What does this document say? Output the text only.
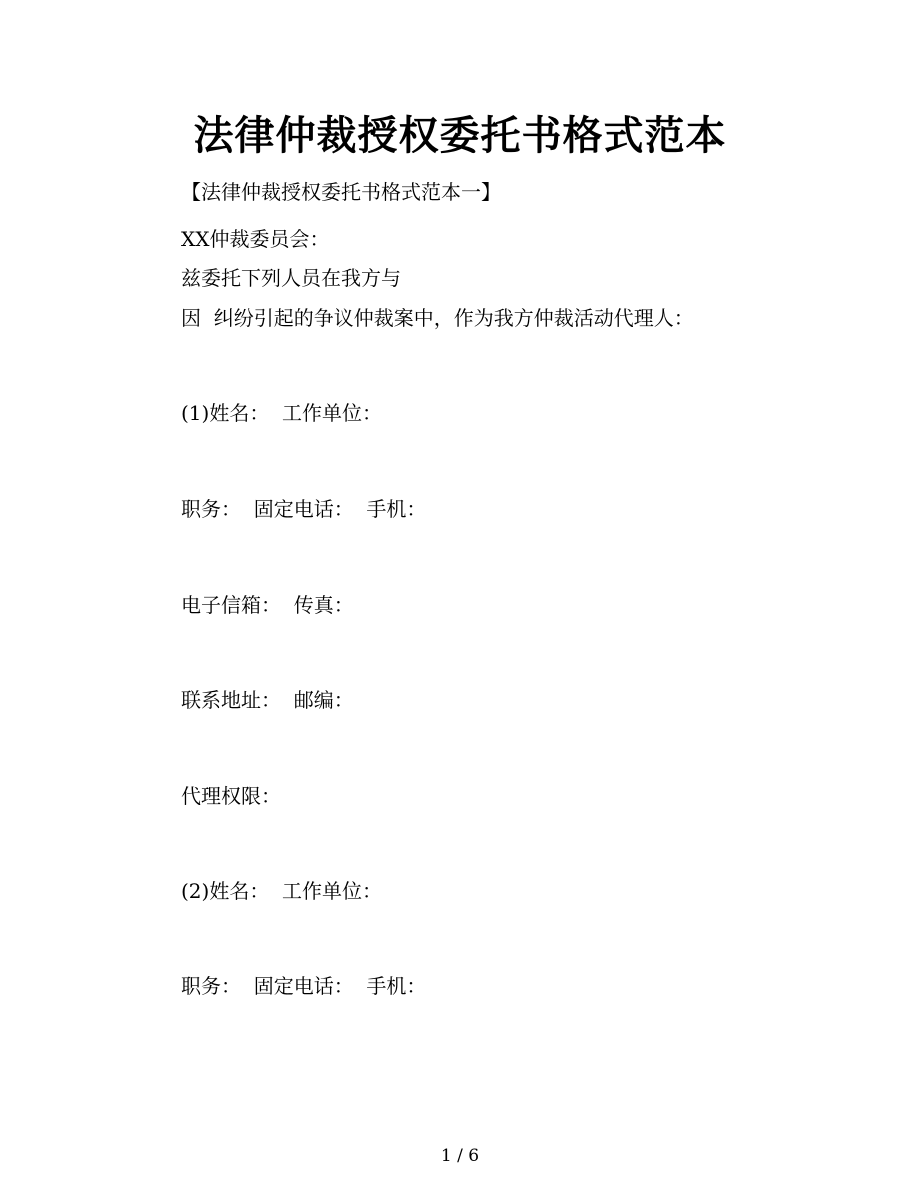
法律仲裁授权委托书格式范本

【法律仲裁授权委托书格式范本一】

XX仲裁委员会：

兹委托下列人员在我方与

因  纠纷引起的争议仲裁案中，作为我方仲裁活动代理人：

(1)姓名：  工作单位：

职务：  固定电话：  手机：

电子信箱：  传真：

联系地址：  邮编：

代理权限：

(2)姓名：  工作单位：

职务：  固定电话：  手机：

1 / 6
